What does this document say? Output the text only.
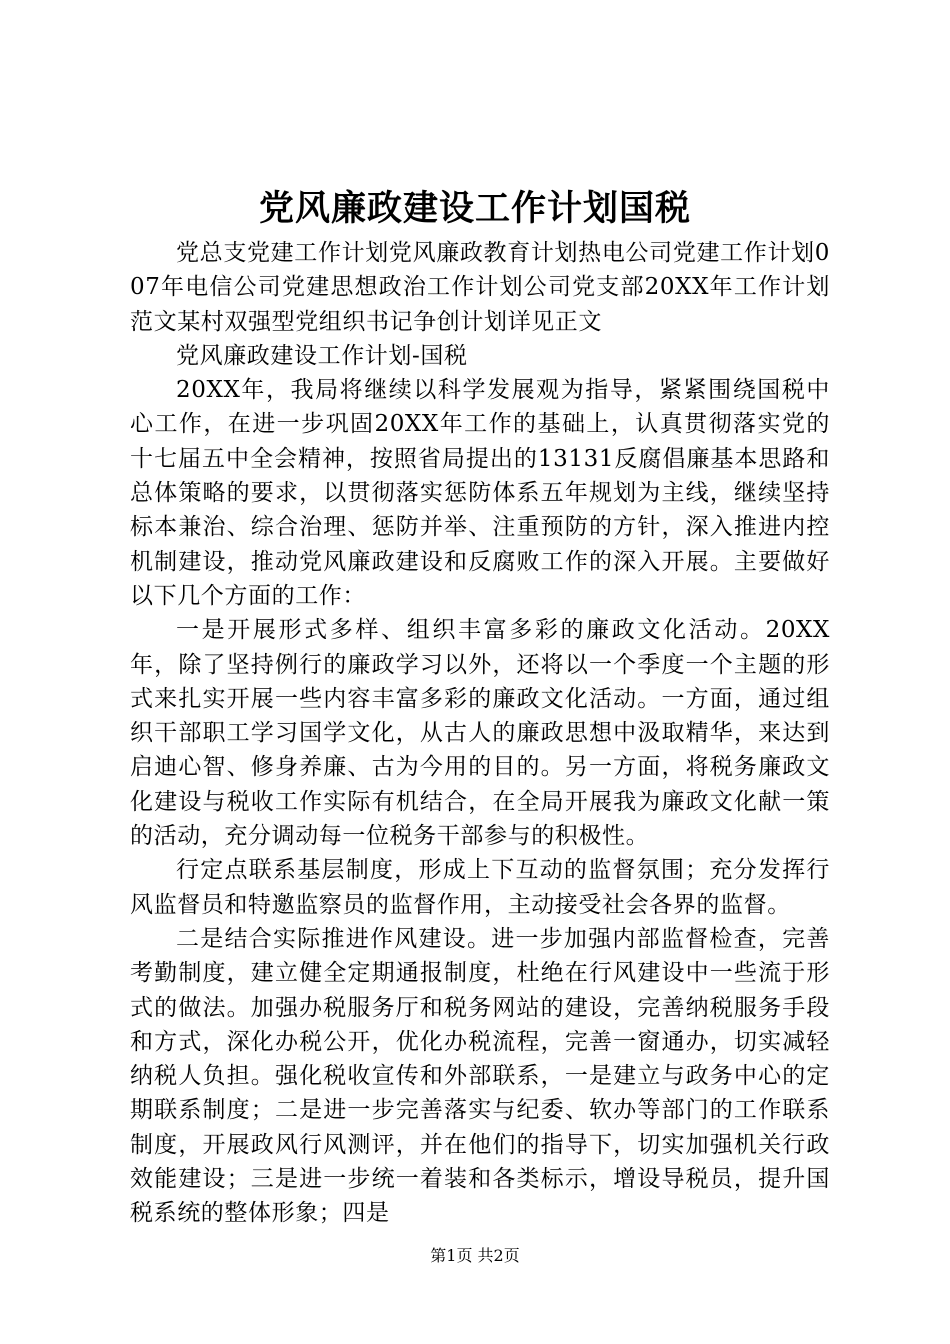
党风廉政建设工作计划国税

党总支党建工作计划党风廉政教育计划热电公司党建工作计划007年电信公司党建思想政治工作计划公司党支部20XX年工作计划范文某村双强型党组织书记争创计划详见正文

党风廉政建设工作计划-国税

20XX年，我局将继续以科学发展观为指导，紧紧围绕国税中心工作，在进一步巩固20XX年工作的基础上，认真贯彻落实党的十七届五中全会精神，按照省局提出的13131反腐倡廉基本思路和总体策略的要求，以贯彻落实惩防体系五年规划为主线，继续坚持标本兼治、综合治理、惩防并举、注重预防的方针，深入推进内控机制建设，推动党风廉政建设和反腐败工作的深入开展。主要做好以下几个方面的工作：

一是开展形式多样、组织丰富多彩的廉政文化活动。20XX年，除了坚持例行的廉政学习以外，还将以一个季度一个主题的形式来扎实开展一些内容丰富多彩的廉政文化活动。一方面，通过组织干部职工学习国学文化，从古人的廉政思想中汲取精华，来达到启迪心智、修身养廉、古为今用的目的。另一方面，将税务廉政文化建设与税收工作实际有机结合，在全局开展我为廉政文化献一策的活动，充分调动每一位税务干部参与的积极性。

行定点联系基层制度，形成上下互动的监督氛围；充分发挥行风监督员和特邀监察员的监督作用，主动接受社会各界的监督。

二是结合实际推进作风建设。进一步加强内部监督检查，完善考勤制度，建立健全定期通报制度，杜绝在行风建设中一些流于形式的做法。加强办税服务厅和税务网站的建设，完善纳税服务手段和方式，深化办税公开，优化办税流程，完善一窗通办，切实减轻纳税人负担。强化税收宣传和外部联系，一是建立与政务中心的定期联系制度；二是进一步完善落实与纪委、软办等部门的工作联系制度，开展政风行风测评，并在他们的指导下，切实加强机关行政效能建设；三是进一步统一着装和各类标示，增设导税员，提升国税系统的整体形象；四是

第1页 共2页
